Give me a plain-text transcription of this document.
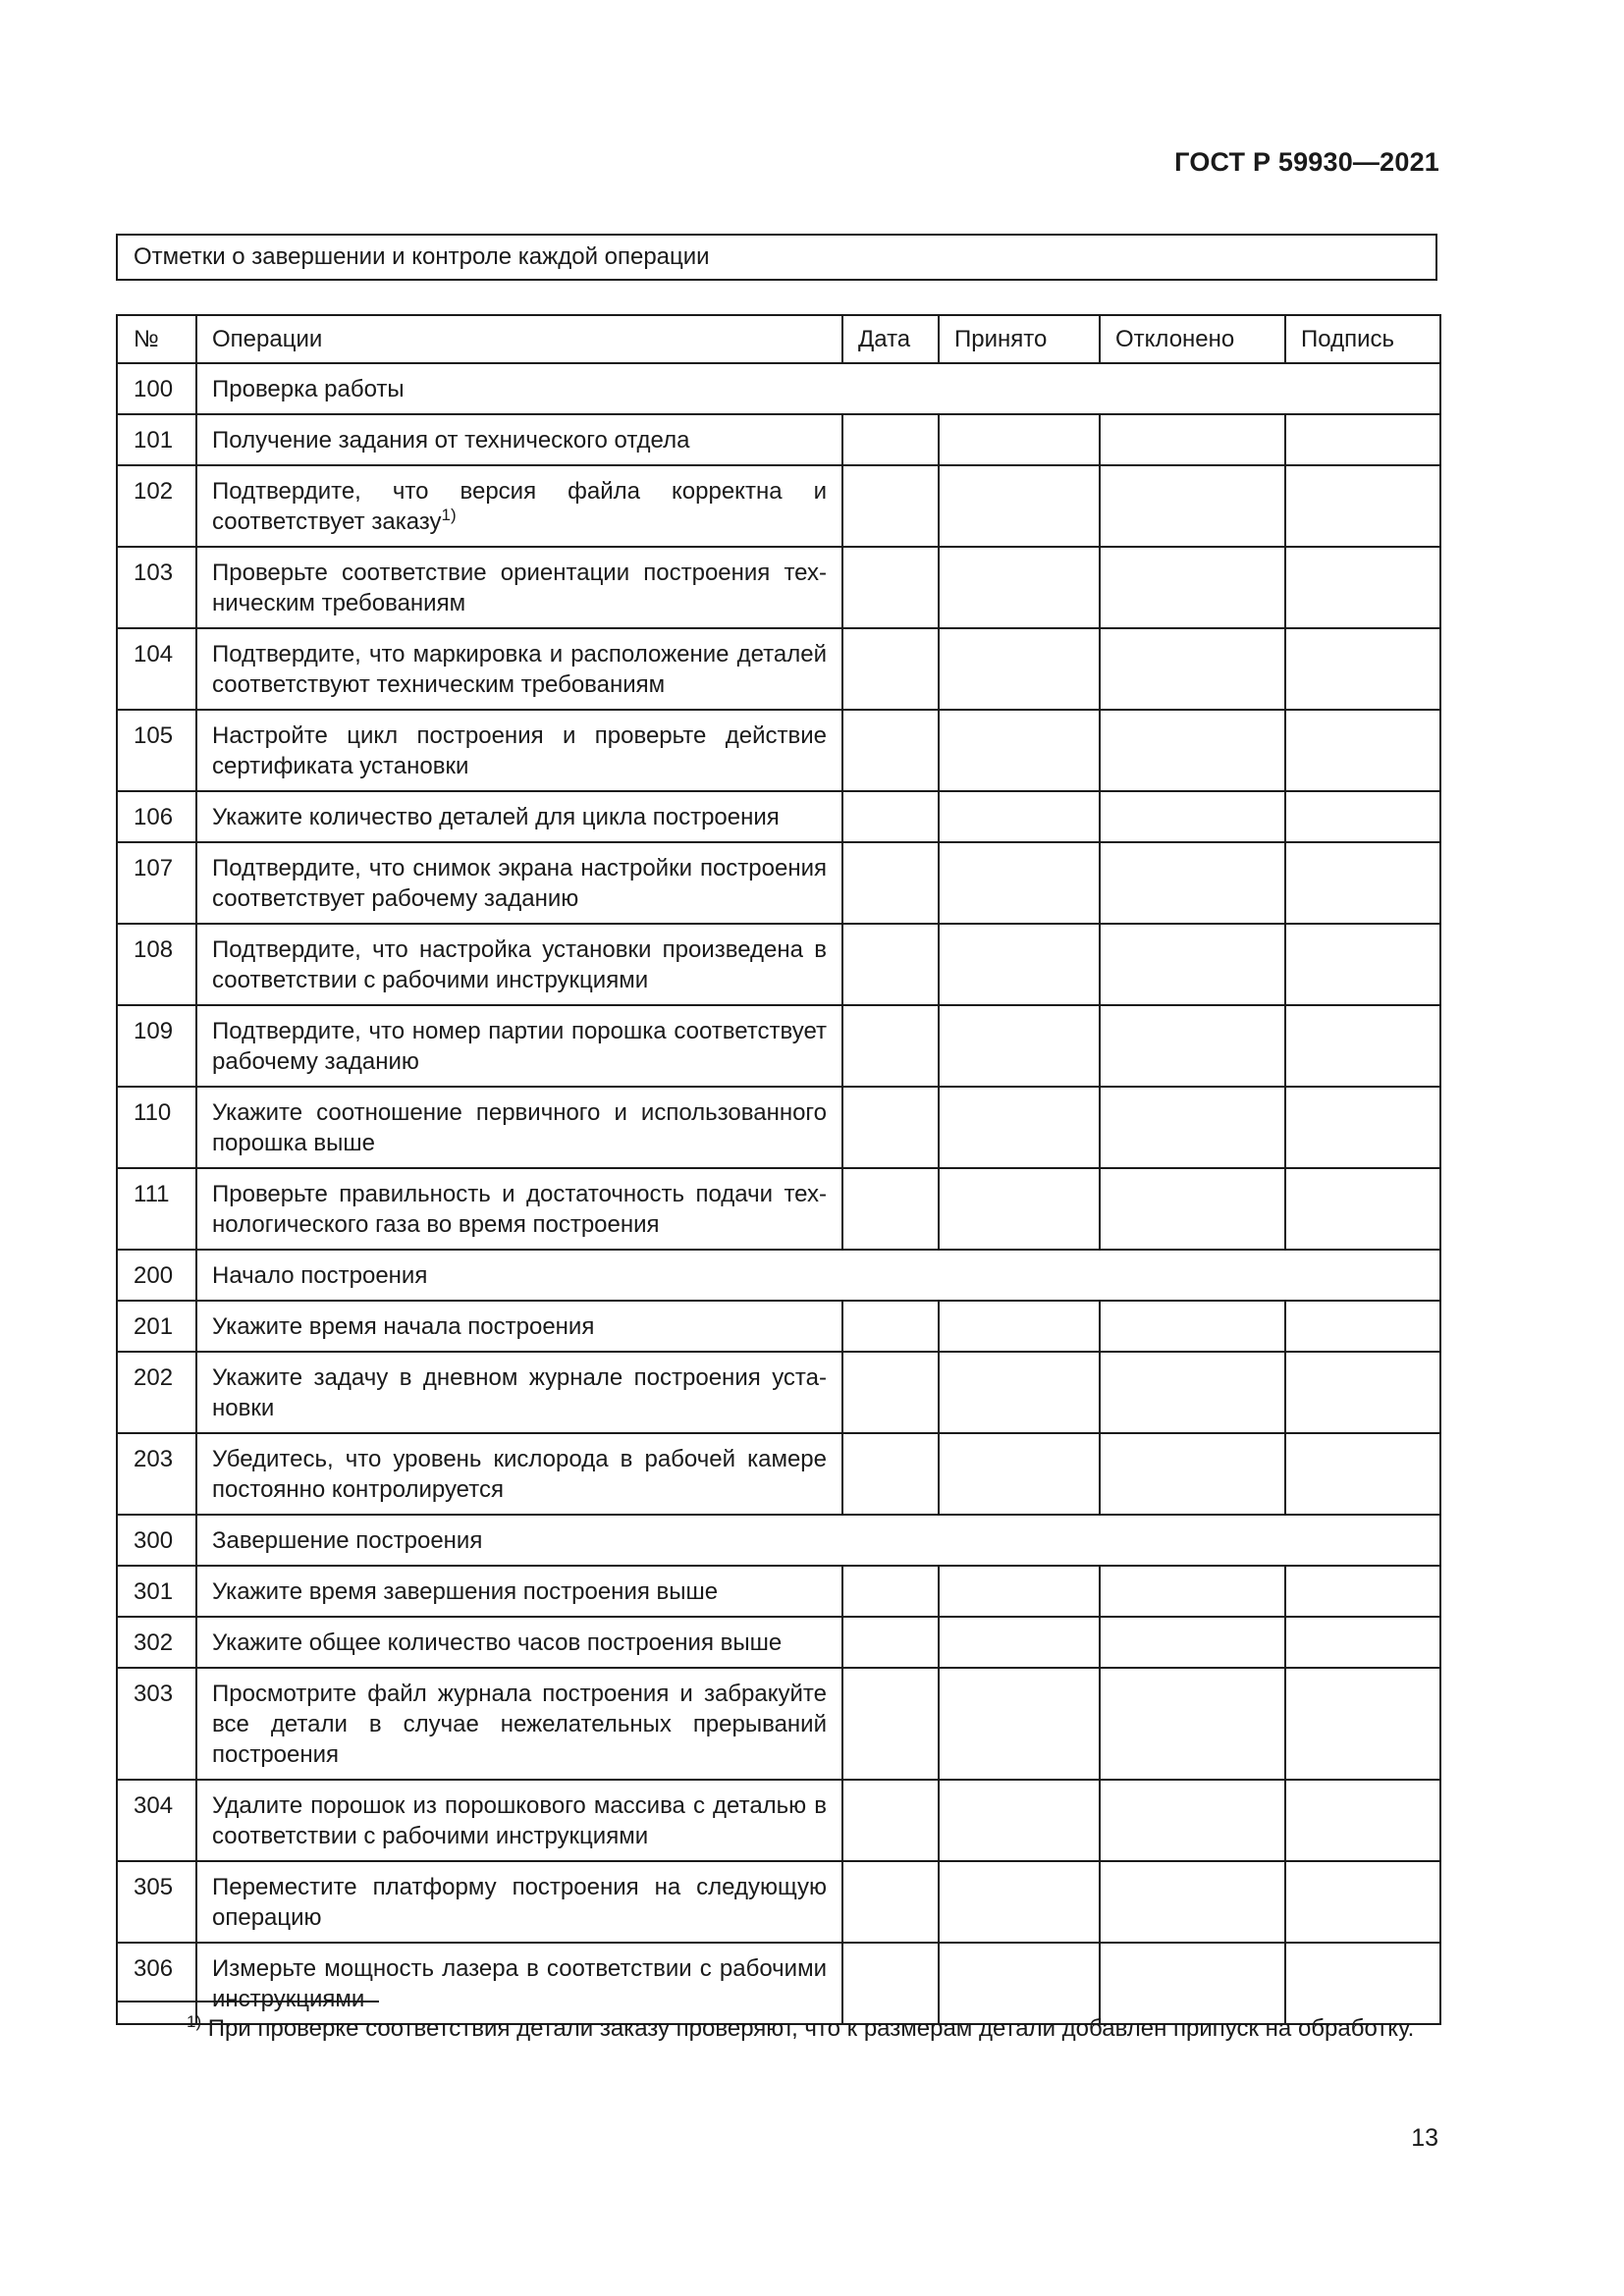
ГОСТ Р 59930—2021
Отметки о завершении и контроле каждой операции
№	Операции	Дата	Принято	Отклонено	Подпись
100	Проверка работы				
101	Получение задания от технического отдела				
102	Подтвердите, что версия файла корректна и соответствует заказу$^{1)}$				
103	Проверьте соответствие ориентации построения техническим требованиям				
104	Подтвердите, что маркировка и расположение деталей соответствуют техническим требованиям				
105	Настройте цикл построения и проверьте действие сертификата установки				
106	Укажите количество деталей для цикла построения				
107	Подтвердите, что снимок экрана настройки построения соответствует рабочему заданию				
108	Подтвердите, что настройка установки произведена в соответствии с рабочими инструкциями				
109	Подтвердите, что номер партии порошка соответствует рабочему заданию				
110	Укажите соотношение первичного и использованного порошка выше				
111	Проверьте правильность и достаточность подачи технологического газа во время построения				
200	Начало построения				
201	Укажите время начала построения				
202	Укажите задачу в дневном журнале построения установки				
203	Убедитесь, что уровень кислорода в рабочей камере постоянно контролируется				
300	Завершение построения				
301	Укажите время завершения построения выше				
302	Укажите общее количество часов построения выше				
303	Просмотрите файл журнала построения и забракуйте все детали в случае нежелательных прерываний построения				
304	Удалите порошок из порошкового массива с деталью в соответствии с рабочими инструкциями				
305	Переместите платформу построения на следующую операцию				
306	Измерьте мощность лазера в соответствии с рабочими инструкциями				
$^{1)}$ При проверке соответствия детали заказу проверяют, что к размерам детали добавлен припуск на обработку.
13
